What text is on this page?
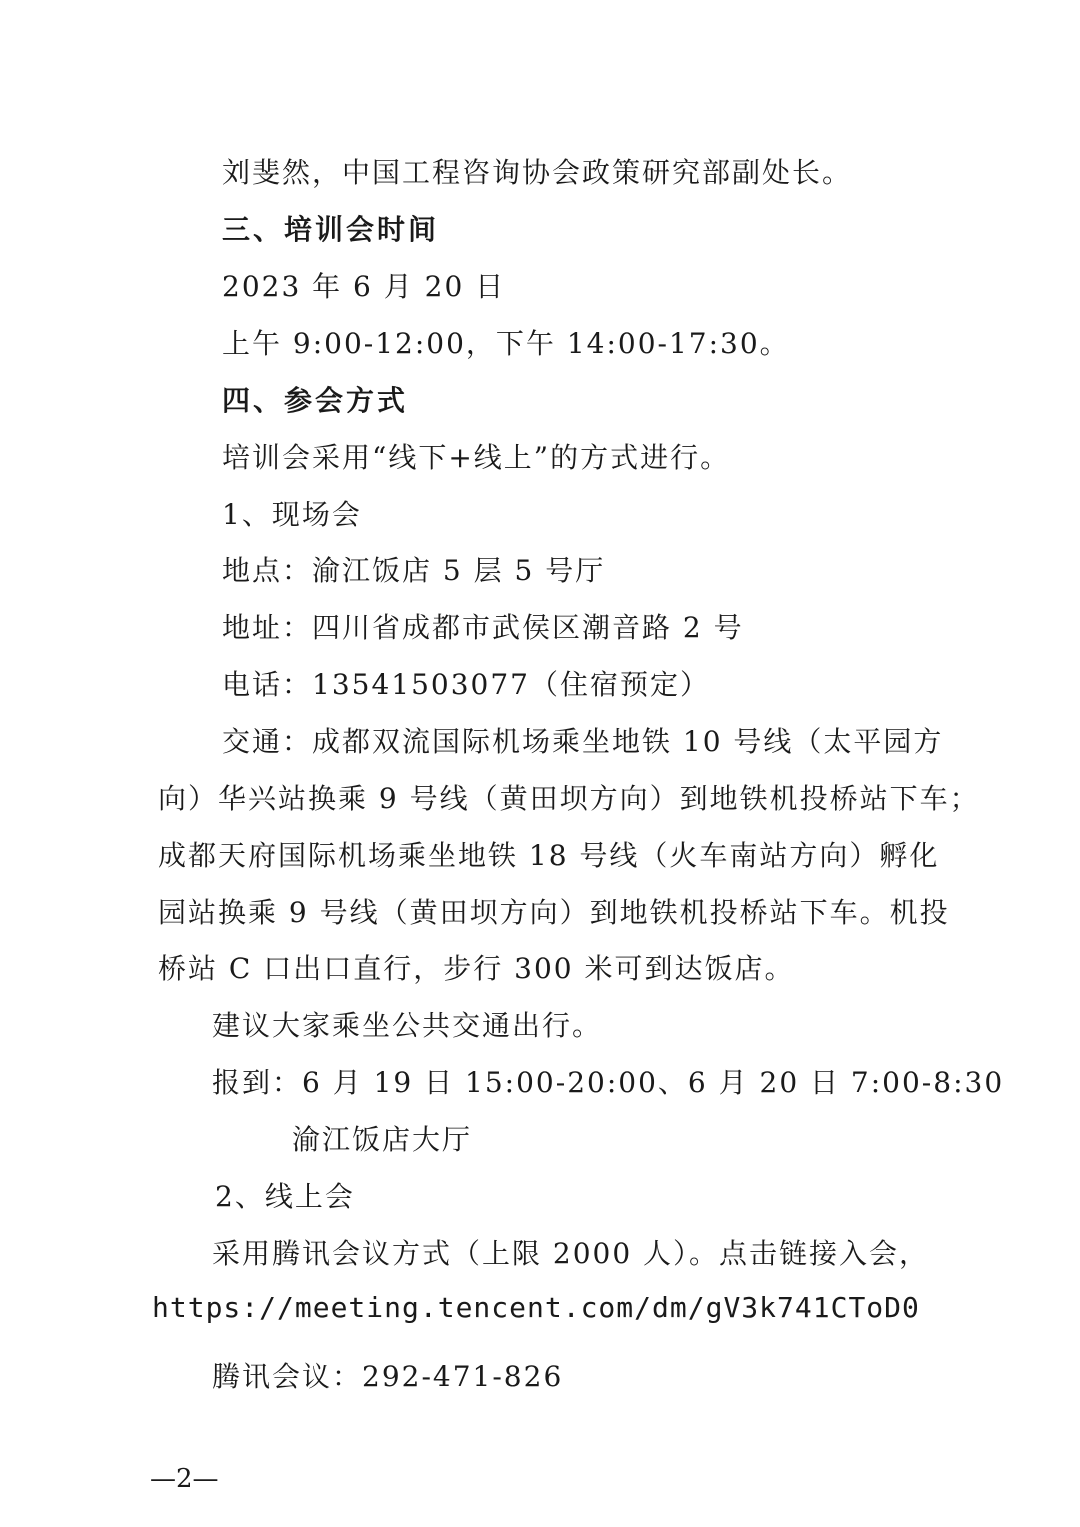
刘斐然，中国工程咨询协会政策研究部副处长。
三、培训会时间
2023 年 6 月 20 日
上午 9:00-12:00，下午 14:00-17:30。
四、参会方式
培训会采用“线下+线上”的方式进行。
1、现场会
地点：渝江饭店 5 层 5 号厅
地址：四川省成都市武侯区潮音路 2 号
电话：13541503077（住宿预定）
交通：成都双流国际机场乘坐地铁 10 号线（太平园方
向）华兴站换乘 9 号线（黄田坝方向）到地铁机投桥站下车；
成都天府国际机场乘坐地铁 18 号线（火车南站方向）孵化
园站换乘 9 号线（黄田坝方向）到地铁机投桥站下车。机投
桥站 C 口出口直行，步行 300 米可到达饭店。
建议大家乘坐公共交通出行。
报到：6 月 19 日 15:00-20:00、6 月 20 日 7:00-8:30
渝江饭店大厅
2、线上会
采用腾讯会议方式（上限 2000 人）。点击链接入会，
https://meeting.tencent.com/dm/gV3k741CToD0
腾讯会议：292-471-826
—2—
